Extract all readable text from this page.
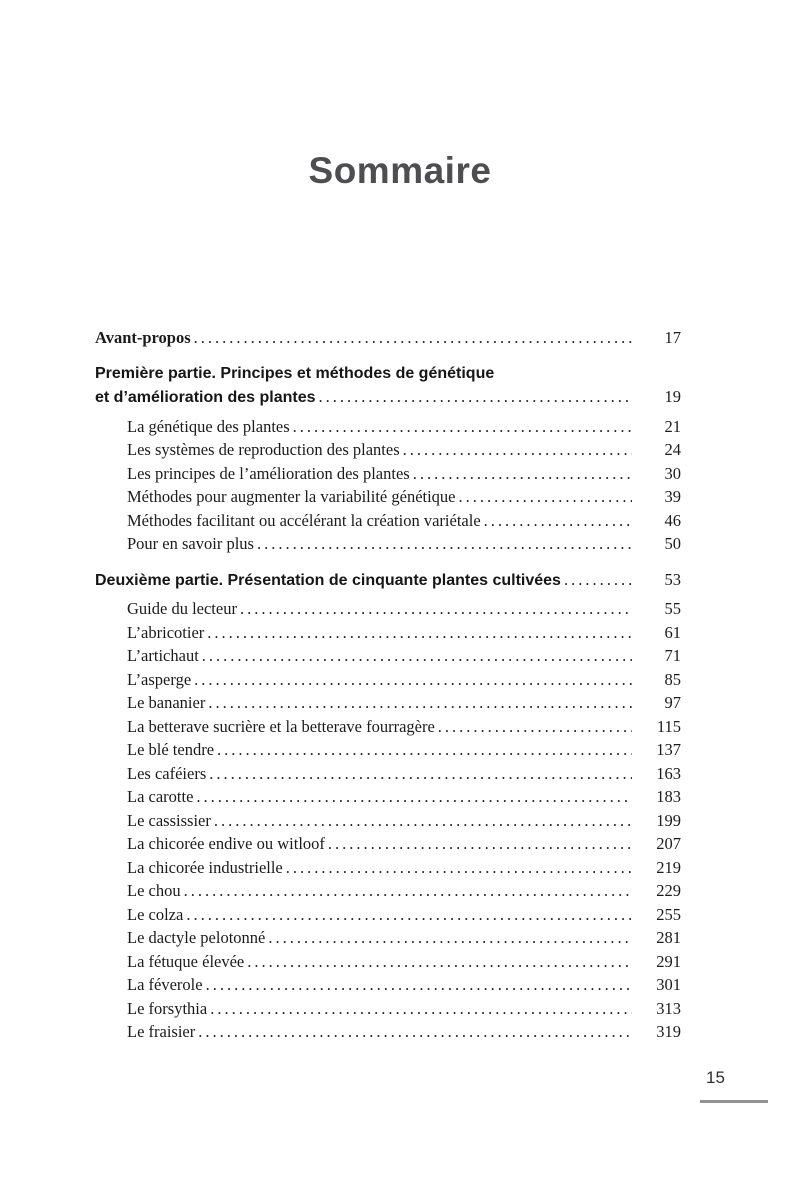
Sommaire
Avant-propos .....	17
Première partie. Principes et méthodes de génétique
et d’amélioration des plantes .....	19
La génétique des plantes .....	21
Les systèmes de reproduction des plantes .....	24
Les principes de l’amélioration des plantes .....	30
Méthodes pour augmenter la variabilité génétique .....	39
Méthodes facilitant ou accélérant la création variétale .....	46
Pour en savoir plus .....	50
Deuxième partie. Présentation de cinquante plantes cultivées .....	53
Guide du lecteur .....	55
L’abricotier .....	61
L’artichaut .....	71
L’asperge .....	85
Le bananier .....	97
La betterave sucrière et la betterave fourragère .....	115
Le blé tendre .....	137
Les caféiers .....	163
La carotte .....	183
Le cassissier .....	199
La chicorée endive ou witloof .....	207
La chicorée industrielle .....	219
Le chou .....	229
Le colza .....	255
Le dactyle pelotonné .....	281
La fétuque élevée .....	291
La féverole .....	301
Le forsythia .....	313
Le fraisier .....	319
15
